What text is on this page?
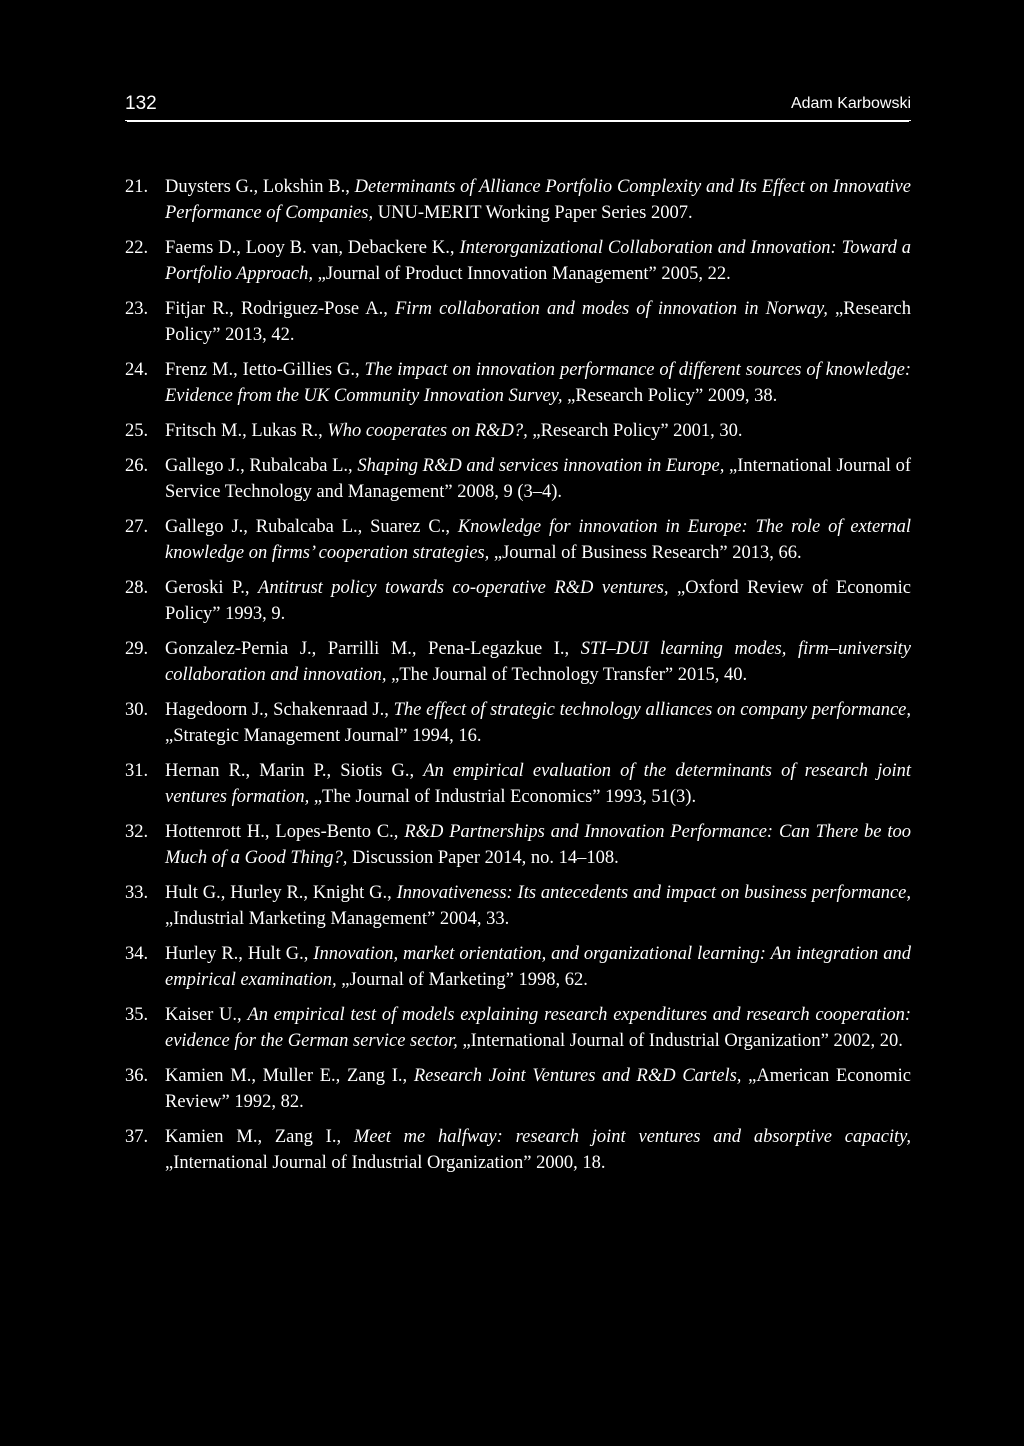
132	Adam Karbowski
21. Duysters G., Lokshin B., Determinants of Alliance Portfolio Complexity and Its Effect on Innovative Performance of Companies, UNU-MERIT Working Paper Series 2007.
22. Faems D., Looy B. van, Debackere K., Interorganizational Collaboration and Innovation: Toward a Portfolio Approach, „Journal of Product Innovation Management” 2005, 22.
23. Fitjar R., Rodriguez-Pose A., Firm collaboration and modes of innovation in Norway, „Research Policy” 2013, 42.
24. Frenz M., Ietto-Gillies G., The impact on innovation performance of different sources of knowledge: Evidence from the UK Community Innovation Survey, „Research Policy” 2009, 38.
25. Fritsch M., Lukas R., Who cooperates on R&D?, „Research Policy” 2001, 30.
26. Gallego J., Rubalcaba L., Shaping R&D and services innovation in Europe, „International Journal of Service Technology and Management” 2008, 9 (3–4).
27. Gallego J., Rubalcaba L., Suarez C., Knowledge for innovation in Europe: The role of external knowledge on firms’ cooperation strategies, „Journal of Business Research” 2013, 66.
28. Geroski P., Antitrust policy towards co-operative R&D ventures, „Oxford Review of Economic Policy” 1993, 9.
29. Gonzalez-Pernia J., Parrilli M., Pena-Legazkue I., STI–DUI learning modes, firm–university collaboration and innovation, „The Journal of Technology Transfer” 2015, 40.
30. Hagedoorn J., Schakenraad J., The effect of strategic technology alliances on company performance, „Strategic Management Journal” 1994, 16.
31. Hernan R., Marin P., Siotis G., An empirical evaluation of the determinants of research joint ventures formation, „The Journal of Industrial Economics” 1993, 51(3).
32. Hottenrott H., Lopes-Bento C., R&D Partnerships and Innovation Performance: Can There be too Much of a Good Thing?, Discussion Paper 2014, no. 14–108.
33. Hult G., Hurley R., Knight G., Innovativeness: Its antecedents and impact on business performance, „Industrial Marketing Management” 2004, 33.
34. Hurley R., Hult G., Innovation, market orientation, and organizational learning: An integration and empirical examination, „Journal of Marketing” 1998, 62.
35. Kaiser U., An empirical test of models explaining research expenditures and research cooperation: evidence for the German service sector, „International Journal of Industrial Organization” 2002, 20.
36. Kamien M., Muller E., Zang I., Research Joint Ventures and R&D Cartels, „American Economic Review” 1992, 82.
37. Kamien M., Zang I., Meet me halfway: research joint ventures and absorptive capacity, „International Journal of Industrial Organization” 2000, 18.
